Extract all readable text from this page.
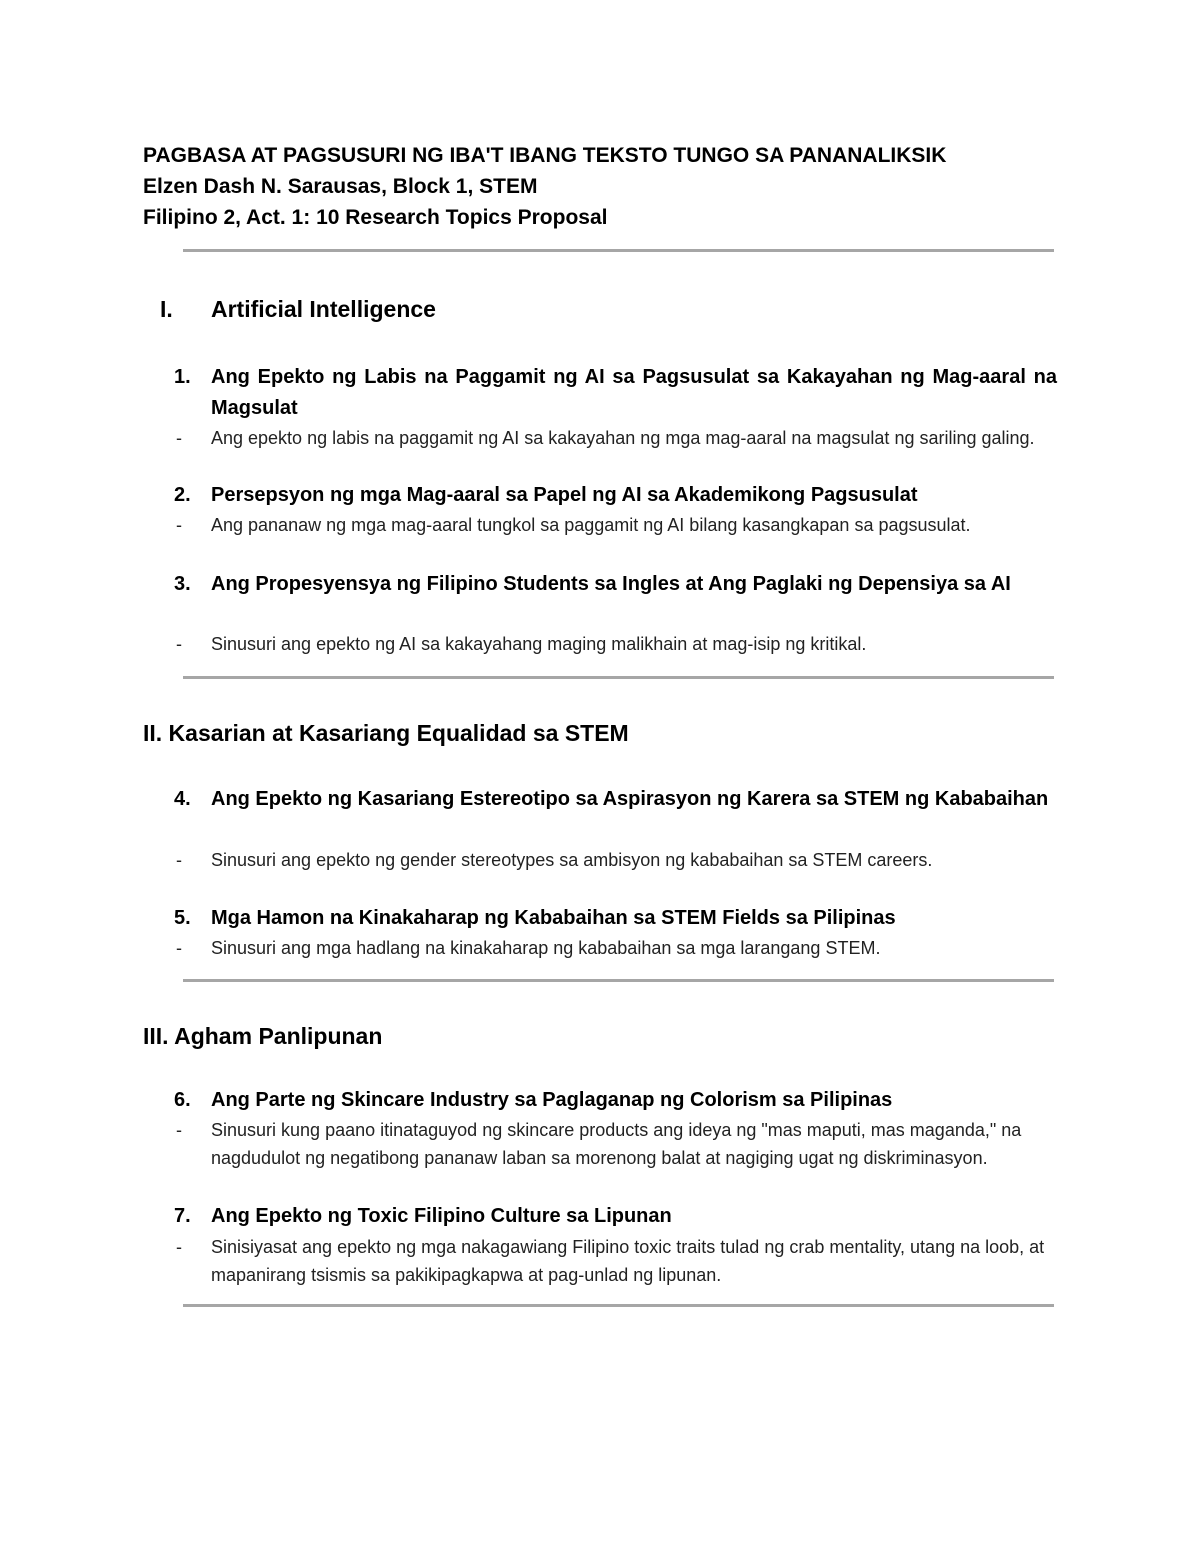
PAGBASA AT PAGSUSURI NG IBA'T IBANG TEKSTO TUNGO SA PANANALIKSIK
Elzen Dash N. Sarausas, Block 1, STEM
Filipino 2, Act. 1: 10 Research Topics Proposal
I. Artificial Intelligence
1. Ang Epekto ng Labis na Paggamit ng AI sa Pagsusulat sa Kakayahan ng Mag-aaral na Magsulat
- Ang epekto ng labis na paggamit ng AI sa kakayahan ng mga mag-aaral na magsulat ng sariling galing.
2. Persepsyon ng mga Mag-aaral sa Papel ng AI sa Akademikong Pagsusulat
- Ang pananaw ng mga mag-aaral tungkol sa paggamit ng AI bilang kasangkapan sa pagsusulat.
3. Ang Propesyensya ng Filipino Students sa Ingles at Ang Paglaki ng Depensiya sa AI
- Sinusuri ang epekto ng AI sa kakayahang maging malikhain at mag-isip ng kritikal.
II. Kasarian at Kasariang Equalidad sa STEM
4. Ang Epekto ng Kasariang Estereotipo sa Aspirasyon ng Karera sa STEM ng Kababaihan
- Sinusuri ang epekto ng gender stereotypes sa ambisyon ng kababaihan sa STEM careers.
5. Mga Hamon na Kinakaharap ng Kababaihan sa STEM Fields sa Pilipinas
- Sinusuri ang mga hadlang na kinakaharap ng kababaihan sa mga larangang STEM.
III. Agham Panlipunan
6. Ang Parte ng Skincare Industry sa Paglaganap ng Colorism sa Pilipinas
- Sinusuri kung paano itinataguyod ng skincare products ang ideya ng "mas maputi, mas maganda," na nagdudulot ng negatibong pananaw laban sa morenong balat at nagiging ugat ng diskriminasyon.
7. Ang Epekto ng Toxic Filipino Culture sa Lipunan
- Sinisiyasat ang epekto ng mga nakagawiang Filipino toxic traits tulad ng crab mentality, utang na loob, at mapanirang tsismis sa pakikipagkapwa at pag-unlad ng lipunan.
